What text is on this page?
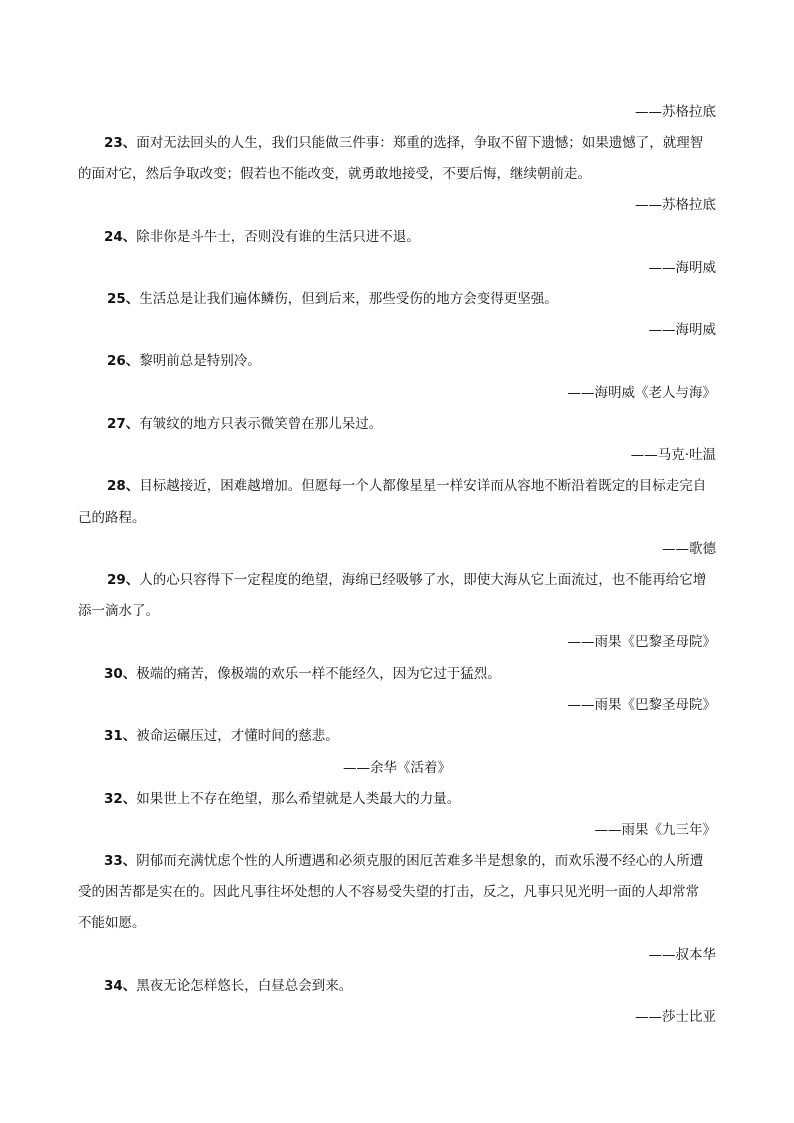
——苏格拉底
23、面对无法回头的人生，我们只能做三件事：郑重的选择，争取不留下遗憾；如果遗憾了，就理智
的面对它，然后争取改变；假若也不能改变，就勇敢地接受，不要后悔，继续朝前走。
——苏格拉底
24、除非你是斗牛士，否则没有谁的生活只进不退。
——海明威
25、生活总是让我们遍体鳞伤，但到后来，那些受伤的地方会变得更坚强。
——海明威
26、黎明前总是特别冷。
——海明威《老人与海》
27、有皱纹的地方只表示微笑曾在那儿呆过。
——马克·吐温
28、目标越接近，困难越增加。但愿每一个人都像星星一样安详而从容地不断沿着既定的目标走完自
己的路程。
——歌德
29、人的心只容得下一定程度的绝望，海绵已经吸够了水，即使大海从它上面流过，也不能再给它增
添一滴水了。
——雨果《巴黎圣母院》
30、极端的痛苦，像极端的欢乐一样不能经久，因为它过于猛烈。
——雨果《巴黎圣母院》
31、被命运碾压过，才懂时间的慈悲。
——余华《活着》
32、如果世上不存在绝望，那么希望就是人类最大的力量。
——雨果《九三年》
33、阴郁而充满忧虑个性的人所遭遇和必须克服的困厄苦难多半是想象的，而欢乐漫不经心的人所遭
受的困苦都是实在的。因此凡事往坏处想的人不容易受失望的打击，反之，凡事只见光明一面的人却常常
不能如愿。
——叔本华
34、黑夜无论怎样悠长，白昼总会到来。
——莎士比亚
